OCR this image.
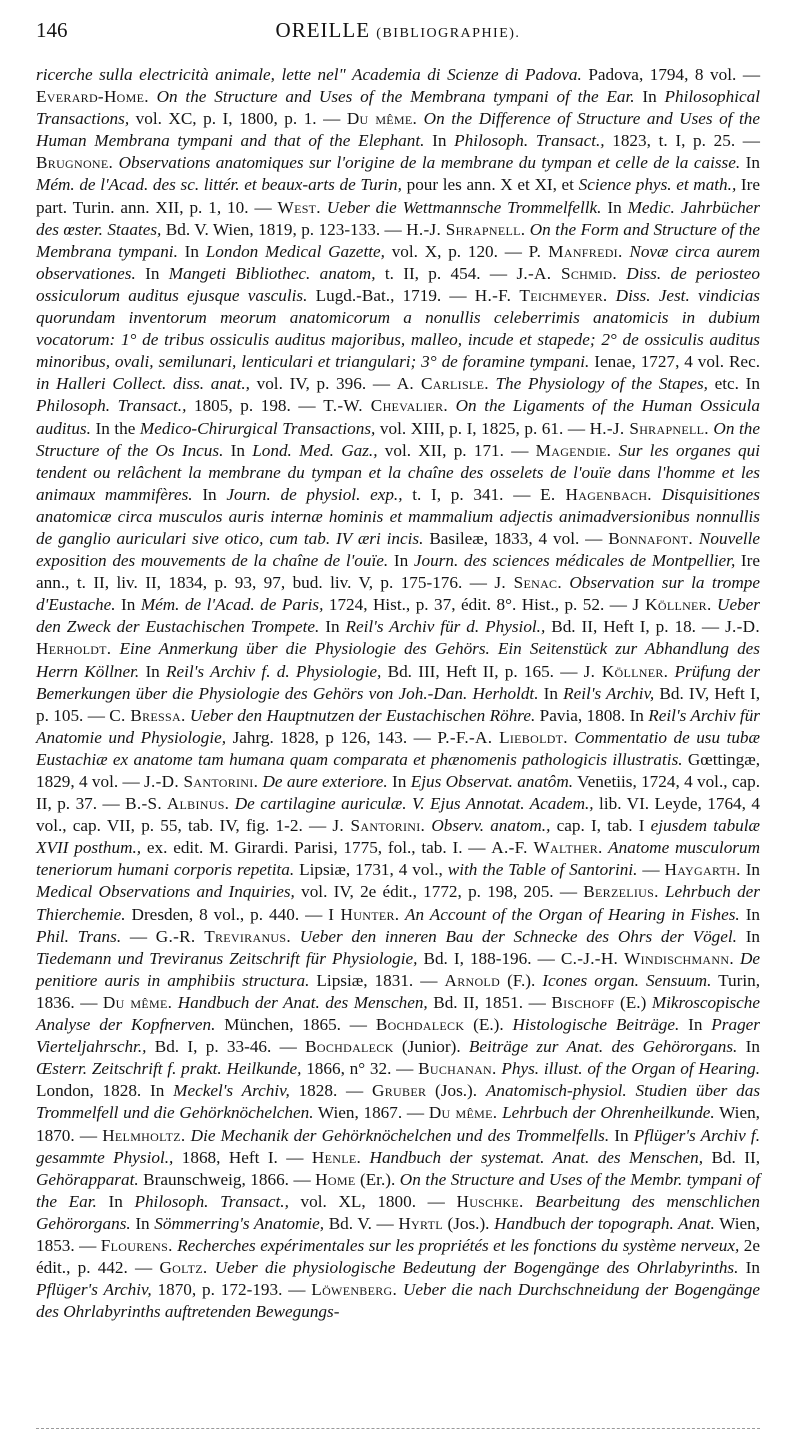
146	OREILLE (BIBLIOGRAPHIE).

ricerche sulla electricità animale, lette nel" Academia di Scienze di Padova. Padova, 1794, 8 vol. — Everard-Home. On the Structure and Uses of the Membrana tympani of the Ear. In Philosophical Transactions, vol. XC, p. I, 1800, p. 1. — Du même. On the Difference of Structure and Uses of the Human Membrana tympani and that of the Elephant. In Philosoph. Transact., 1823, t. I, p. 25. — Brugnone. Observations anatomiques sur l'origine de la membrane du tympan et celle de la caisse. In Mém. de l'Acad. des sc. littér. et beaux-arts de Turin, pour les ann. X et XI, et Science phys. et math., Ire part. Turin. ann. XII, p. 1, 10. — West. Ueber die Wettmannsche Trommelfellk. In Medic. Jahrbücher des œster. Staates, Bd. V. Wien, 1819, p. 123-133. — H.-J. Shrapnell. On the Form and Structure of the Membrana tympani. In London Medical Gazette, vol. X, p. 120. — P. Manfredi. Novæ circa aurem observationes. In Mangeti Bibliothec. anatom, t. II, p. 454. — J.-A. Schmid. Diss. de periosteo ossiculorum auditus ejusque vasculis. Lugd.-Bat., 1719. — H.-F. Teichmeyer. Diss. Jest. vindicias quorundam inventorum meorum anatomicorum a nonullis celeberrimis anatomicis in dubium vocatorum: 1° de tribus ossiculis auditus majoribus, malleo, incude et stapede; 2° de ossiculis auditus minoribus, ovali, semilunari, lenticulari et triangulari; 3° de foramine tympani. Ienae, 1727, 4 vol. Rec. in Halleri Collect. diss. anat., vol. IV, p. 396. — A. Carlisle. The Physiology of the Stapes, etc. In Philosoph. Transact., 1805, p. 198. — T.-W. Chevalier. On the Ligaments of the Human Ossicula auditus. In the Medico-Chirurgical Transactions, vol. XIII, p. I, 1825, p. 61. — H.-J. Shrapnell. On the Structure of the Os Incus. In Lond. Med. Gaz., vol. XII, p. 171. — Magendie. Sur les organes qui tendent ou relâchent la membrane du tympan et la chaîne des osselets de l'ouïe dans l'homme et les animaux mammifères. In Journ. de physiol. exp., t. I, p. 341. — E. Hagenbach. Disquisitiones anatomicæ circa musculos auris internæ hominis et mammalium adjectis animadversionibus nonnullis de ganglio auriculari sive otico, cum tab. IV æri incis. Basileæ, 1833, 4 vol. — Bonnafont. Nouvelle exposition des mouvements de la chaîne de l'ouïe. In Journ. des sciences médicales de Montpellier, Ire ann., t. II, liv. II, 1834, p. 93, 97, bud. liv. V, p. 175-176. — J. Senac. Observation sur la trompe d'Eustache. In Mém. de l'Acad. de Paris, 1724, Hist., p. 37, édit. 8°. Hist., p. 52. — J Köllner. Ueber den Zweck der Eustachischen Trompete. In Reil's Archiv für d. Physiol., Bd. II, Heft I, p. 18. — J.-D. Herholdt. Eine Anmerkung über die Physiologie des Gehörs. Ein Seitenstück zur Abhandlung des Herrn Köllner. In Reil's Archiv f. d. Physiologie, Bd. III, Heft II, p. 165. — J. Köllner. Prüfung der Bemerkungen über die Physiologie des Gehörs von Joh.-Dan. Herholdt. In Reil's Archiv, Bd. IV, Heft I, p. 105. — C. Bressa. Ueber den Hauptnutzen der Eustachischen Röhre. Pavia, 1808. In Reil's Archiv für Anatomie und Physiologie, Jahrg. 1828, p 126, 143. — P.-F.-A. Lieboldt. Commentatio de usu tubæ Eustachiæ ex anatome tam humana quam comparata et phænomenis pathologicis illustratis. Gœttingæ, 1829, 4 vol. — J.-D. Santorini. De aure exteriore. In Ejus Observat. anatôm. Venetiis, 1724, 4 vol., cap. II, p. 37. — B.-S. Albinus. De cartilagine auriculæ. V. Ejus Annotat. Academ., lib. VI. Leyde, 1764, 4 vol., cap. VII, p. 55, tab. IV, fig. 1-2. — J. Santorini. Observ. anatom., cap. I, tab. I ejusdem tabulæ XVII posthum., ex. edit. M. Girardi. Parisi, 1775, fol., tab. I. — A.-F. Walther. Anatome musculorum teneriorum humani corporis repetita. Lipsiæ, 1731, 4 vol., with the Table of Santorini. — Haygarth. In Medical Observations and Inquiries, vol. IV, 2e édit., 1772, p. 198, 205. — Berzelius. Lehrbuch der Thierchemie. Dresden, 8 vol., p. 440. — I Hunter. An Account of the Organ of Hearing in Fishes. In Phil. Trans. — G.-R. Treviranus. Ueber den inneren Bau der Schnecke des Ohrs der Vögel. In Tiedemann und Treviranus Zeitschrift für Physiologie, Bd. I, 188-196. — C.-J.-H. Windischmann. De penitiore auris in amphibiis structura. Lipsiæ, 1831. — Arnold (F.). Icones organ. Sensuum. Turin, 1836. — Du même. Handbuch der Anat. des Menschen, Bd. II, 1851. — Bischoff (E.) Mikroscopische Analyse der Kopfnerven. München, 1865. — Bochdaleck (E.). Histologische Beiträge. In Prager Vierteljahrschr., Bd. I, p. 33-46. — Bochdaleck (Junior). Beiträge zur Anat. des Gehörorgans. In Œsterr. Zeitschrift f. prakt. Heilkunde, 1866, n° 32. — Buchanan. Phys. illust. of the Organ of Hearing. London, 1828. In Meckel's Archiv, 1828. — Gruber (Jos.). Anatomisch-physiol. Studien über das Trommelfell und die Gehörknöchelchen. Wien, 1867. — Du même. Lehrbuch der Ohrenheilkunde. Wien, 1870. — Helmholtz. Die Mechanik der Gehörknöchelchen und des Trommelfells. In Pflüger's Archiv f. gesammte Physiol., 1868, Heft I. — Henle. Handbuch der systemat. Anat. des Menschen, Bd. II, Gehörapparat. Braunschweig, 1866. — Home (Er.). On the Structure and Uses of the Membr. tympani of the Ear. In Philosoph. Transact., vol. XL, 1800. — Huschke. Bearbeitung des menschlichen Gehörorgans. In Sömmerring's Anatomie, Bd. V. — Hyrtl (Jos.). Handbuch der topograph. Anat. Wien, 1853. — Flourens. Recherches expérimentales sur les propriétés et les fonctions du système nerveux, 2e édit., p. 442. — Goltz. Ueber die physiologische Bedeutung der Bogengänge des Ohrlabyrinths. In Pflüger's Archiv, 1870, p. 172-193. — Löwenberg. Ueber die nach Durchschneidung der Bogengänge des Ohrlabyrinths auftretenden Bewegungs-
